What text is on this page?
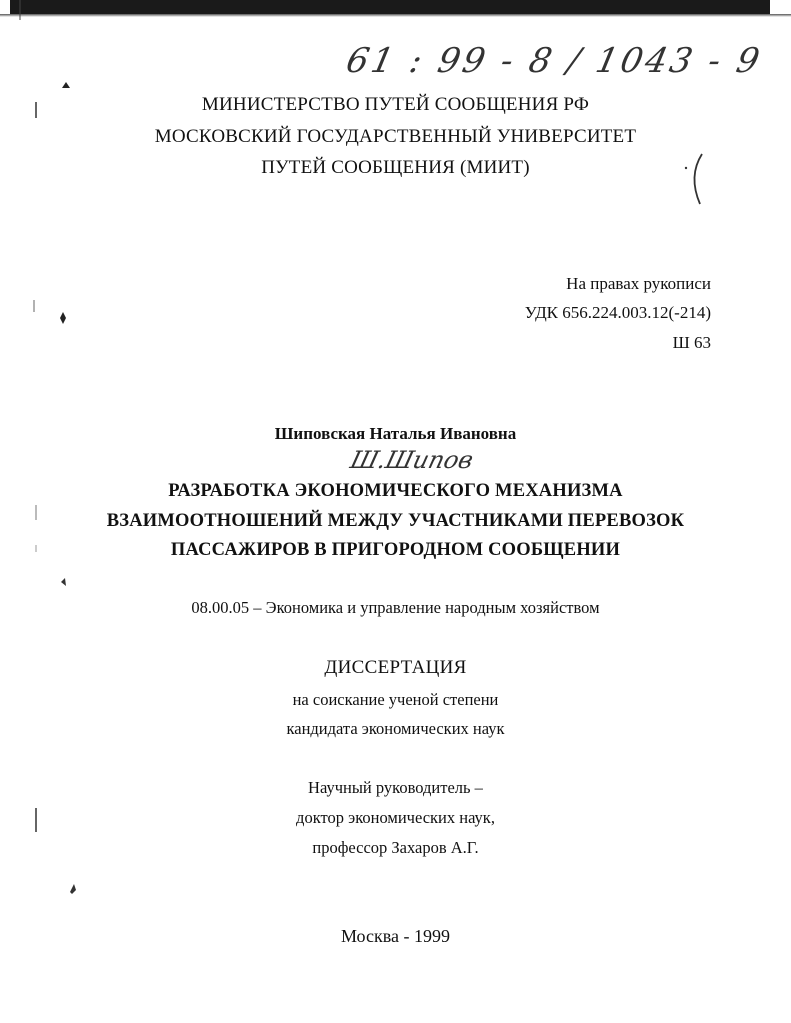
61 : 99 - 8 / 1043 - 9
МИНИСТЕРСТВО ПУТЕЙ СООБЩЕНИЯ РФ
МОСКОВСКИЙ ГОСУДАРСТВЕННЫЙ УНИВЕРСИТЕТ
ПУТЕЙ СООБЩЕНИЯ (МИИТ)
На правах рукописи
УДК 656.224.003.12(-214)
Ш 63
Шиповская Наталья Ивановна
Ш.Шипов
РАЗРАБОТКА ЭКОНОМИЧЕСКОГО МЕХАНИЗМА
ВЗАИМООТНОШЕНИЙ МЕЖДУ УЧАСТНИКАМИ ПЕРЕВОЗОК
ПАССАЖИРОВ В ПРИГОРОДНОМ СООБЩЕНИИ
08.00.05 – Экономика и управление народным хозяйством
ДИССЕРТАЦИЯ
на соискание ученой степени
кандидата экономических наук
Научный руководитель –
доктор экономических наук,
профессор Захаров А.Г.
Москва - 1999
